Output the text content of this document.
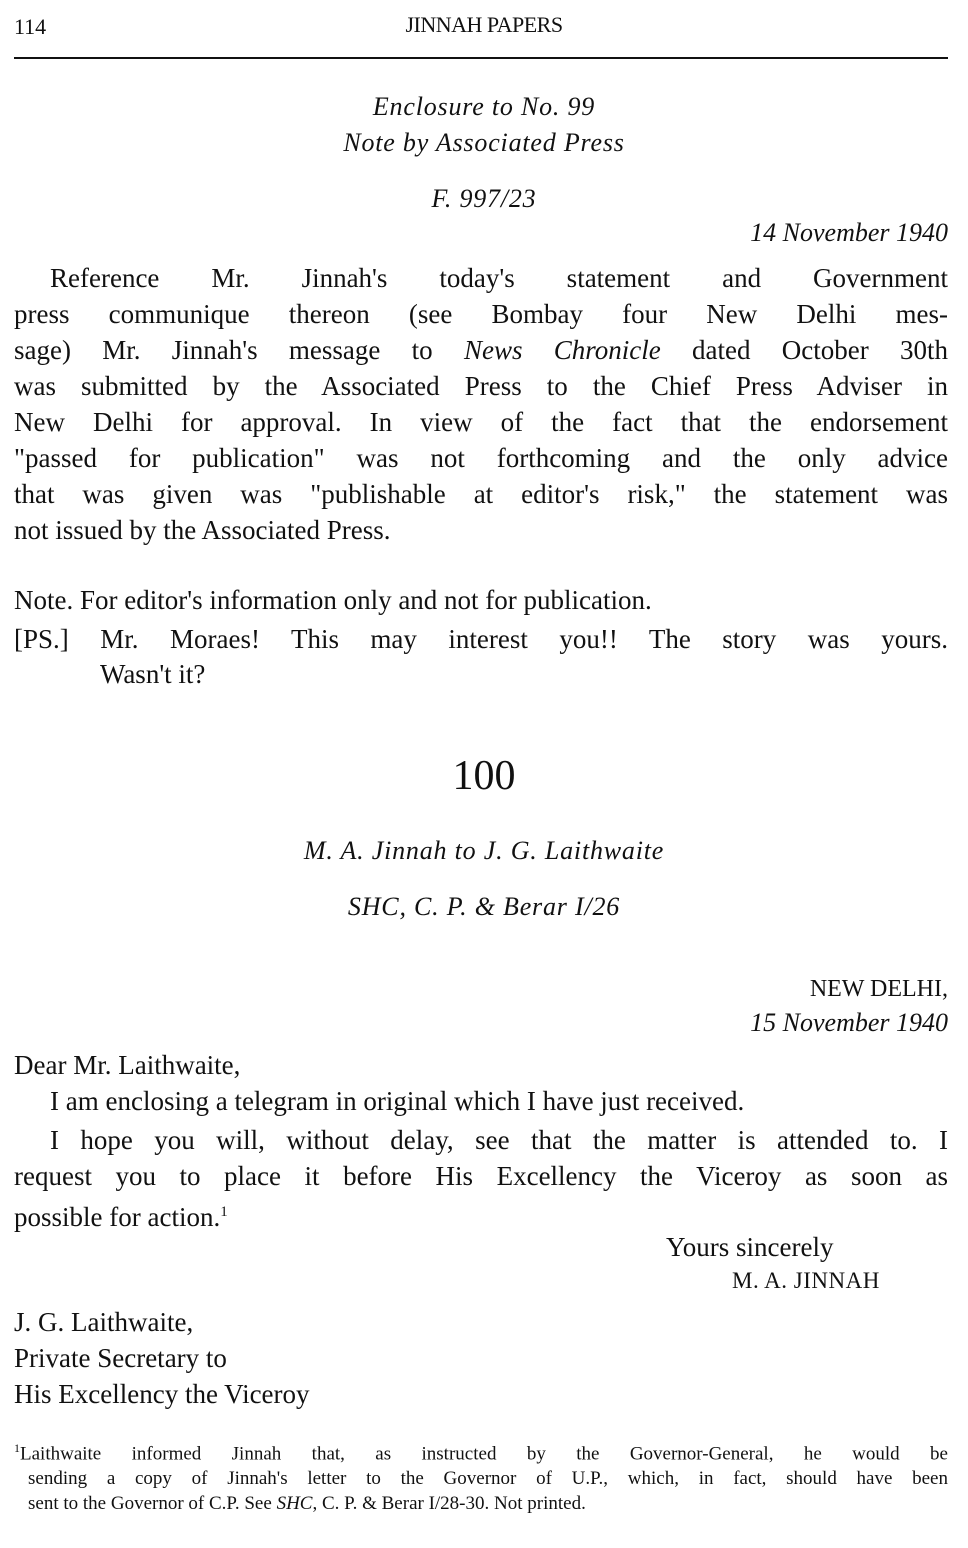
114	JINNAH PAPERS
Enclosure to No. 99
Note by Associated Press
F. 997/23
14 November 1940
Reference Mr. Jinnah's today's statement and Government
press communique thereon (see Bombay four New Delhi mes-
sage) Mr. Jinnah's message to News Chronicle dated October 30th
was submitted by the Associated Press to the Chief Press Adviser in
New Delhi for approval. In view of the fact that the endorsement
"passed for publication" was not forthcoming and the only advice
that was given was "publishable at editor's risk," the statement was
not issued by the Associated Press.
Note. For editor's information only and not for publication.
[PS.] Mr. Moraes! This may interest you!! The story was yours.
Wasn't it?
100
M. A. Jinnah to J. G. Laithwaite
SHC, C. P. & Berar I/26
NEW DELHI,
15 November 1940
Dear Mr. Laithwaite,
I am enclosing a telegram in original which I have just received.
I hope you will, without delay, see that the matter is attended to. I
request you to place it before His Excellency the Viceroy as soon as
possible for action.$^1$
Yours sincerely
M. A. JINNAH
J. G. Laithwaite,
Private Secretary to
His Excellency the Viceroy
$^1$Laithwaite informed Jinnah that, as instructed by the Governor-General, he would be
sending a copy of Jinnah's letter to the Governor of U.P., which, in fact, should have been
sent to the Governor of C.P. See SHC, C. P. & Berar I/28-30. Not printed.
